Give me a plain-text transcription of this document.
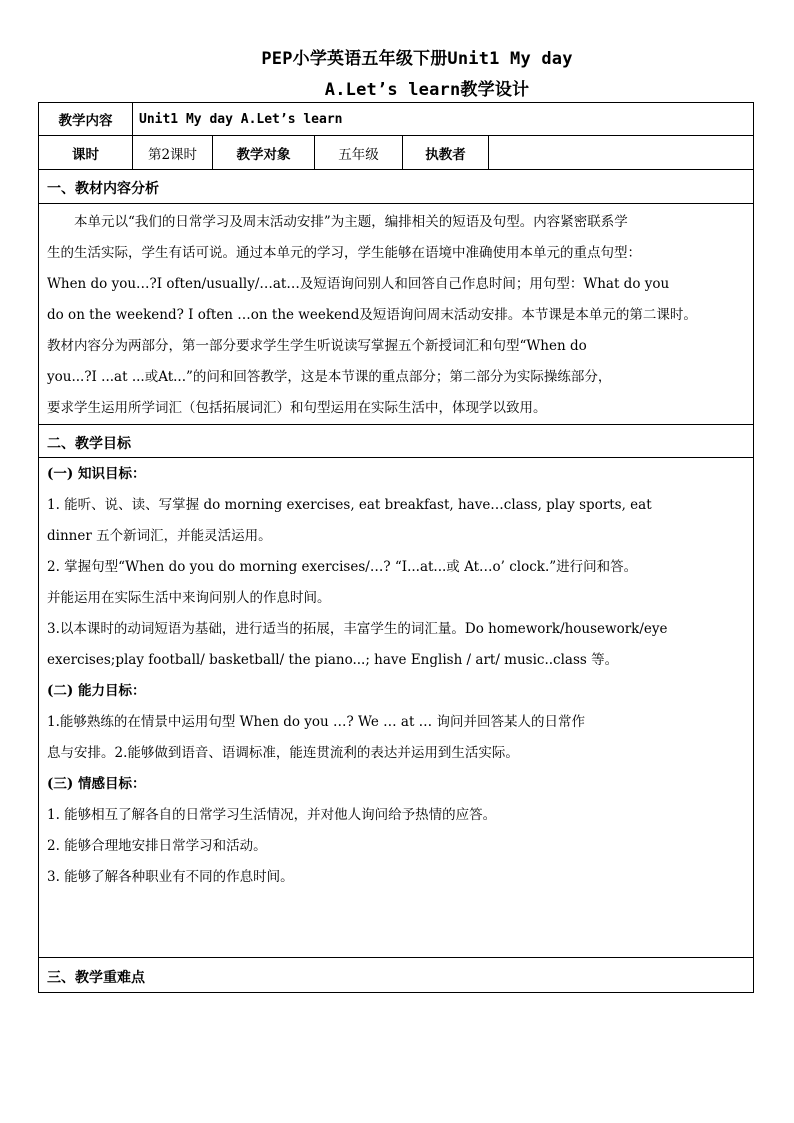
PEP小学英语五年级下册Unit1 My day
A.Let’s learn教学设计
教学内容	Unit1 My day A.Let’s learn
课时	第2课时	教学对象	五年级	执教者
一、教材内容分析
本单元以“我们的日常学习及周末活动安排”为主题，编排相关的短语及句型。内容紧密联系学
生的生活实际，学生有话可说。通过本单元的学习，学生能够在语境中准确使用本单元的重点句型：
When do you…?I often/usually/…at…及短语询问别人和回答自己作息时间；用句型：What do you
do on the weekend? I often …on the weekend及短语询问周末活动安排。本节课是本单元的第二课时。
教材内容分为两部分，第一部分要求学生学生听说读写掌握五个新授词汇和句型“When do
you...?I ...at ...或At...”的问和回答教学，这是本节课的重点部分；第二部分为实际操练部分，
要求学生运用所学词汇（包括拓展词汇）和句型运用在实际生活中，体现学以致用。
二、教学目标
(一) 知识目标：
1. 能听、说、读、写掌握 do morning exercises, eat breakfast, have…class, play sports, eat
dinner 五个新词汇，并能灵活运用。
2. 掌握句型“When do you do morning exercises/…? “I...at...或 At…o’ clock.”进行问和答。
并能运用在实际生活中来询问别人的作息时间。
3.以本课时的动词短语为基础，进行适当的拓展，丰富学生的词汇量。Do homework/housework/eye
exercises;play football/ basketball/ the piano...; have English / art/ music..class 等。
(二) 能力目标：
1.能够熟练的在情景中运用句型 When do you …? We … at … 询问并回答某人的日常作
息与安排。2.能够做到语音、语调标准，能连贯流利的表达并运用到生活实际。
(三) 情感目标：
1. 能够相互了解各自的日常学习生活情况，并对他人询问给予热情的应答。
2. 能够合理地安排日常学习和活动。
3. 能够了解各种职业有不同的作息时间。
三、教学重难点
